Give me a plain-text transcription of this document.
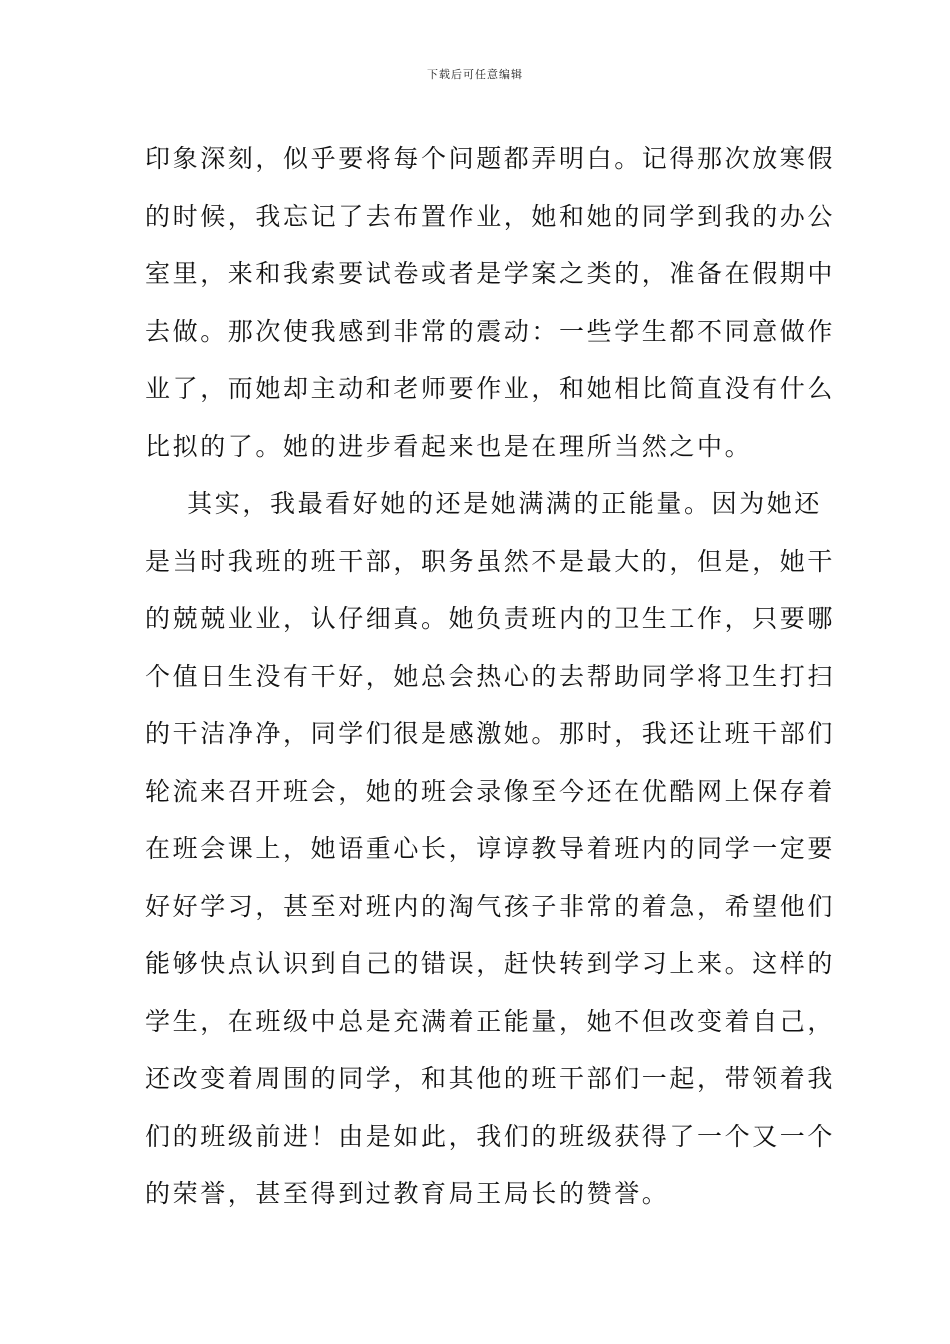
下载后可任意编辑
印象深刻，似乎要将每个问题都弄明白。记得那次放寒假
的时候，我忘记了去布置作业，她和她的同学到我的办公
室里，来和我索要试卷或者是学案之类的，准备在假期中
去做。那次使我感到非常的震动：一些学生都不同意做作
业了，而她却主动和老师要作业，和她相比简直没有什么
比拟的了。她的进步看起来也是在理所当然之中。
其实，我最看好她的还是她满满的正能量。因为她还
是当时我班的班干部，职务虽然不是最大的，但是，她干
的兢兢业业，认仔细真。她负责班内的卫生工作，只要哪
个值日生没有干好，她总会热心的去帮助同学将卫生打扫
的干洁净净，同学们很是感激她。那时，我还让班干部们
轮流来召开班会，她的班会录像至今还在优酷网上保存着
在班会课上，她语重心长，谆谆教导着班内的同学一定要
好好学习，甚至对班内的淘气孩子非常的着急，希望他们
能够快点认识到自己的错误，赶快转到学习上来。这样的
学生，在班级中总是充满着正能量，她不但改变着自己，
还改变着周围的同学，和其他的班干部们一起，带领着我
们的班级前进！由是如此，我们的班级获得了一个又一个
的荣誉，甚至得到过教育局王局长的赞誉。
